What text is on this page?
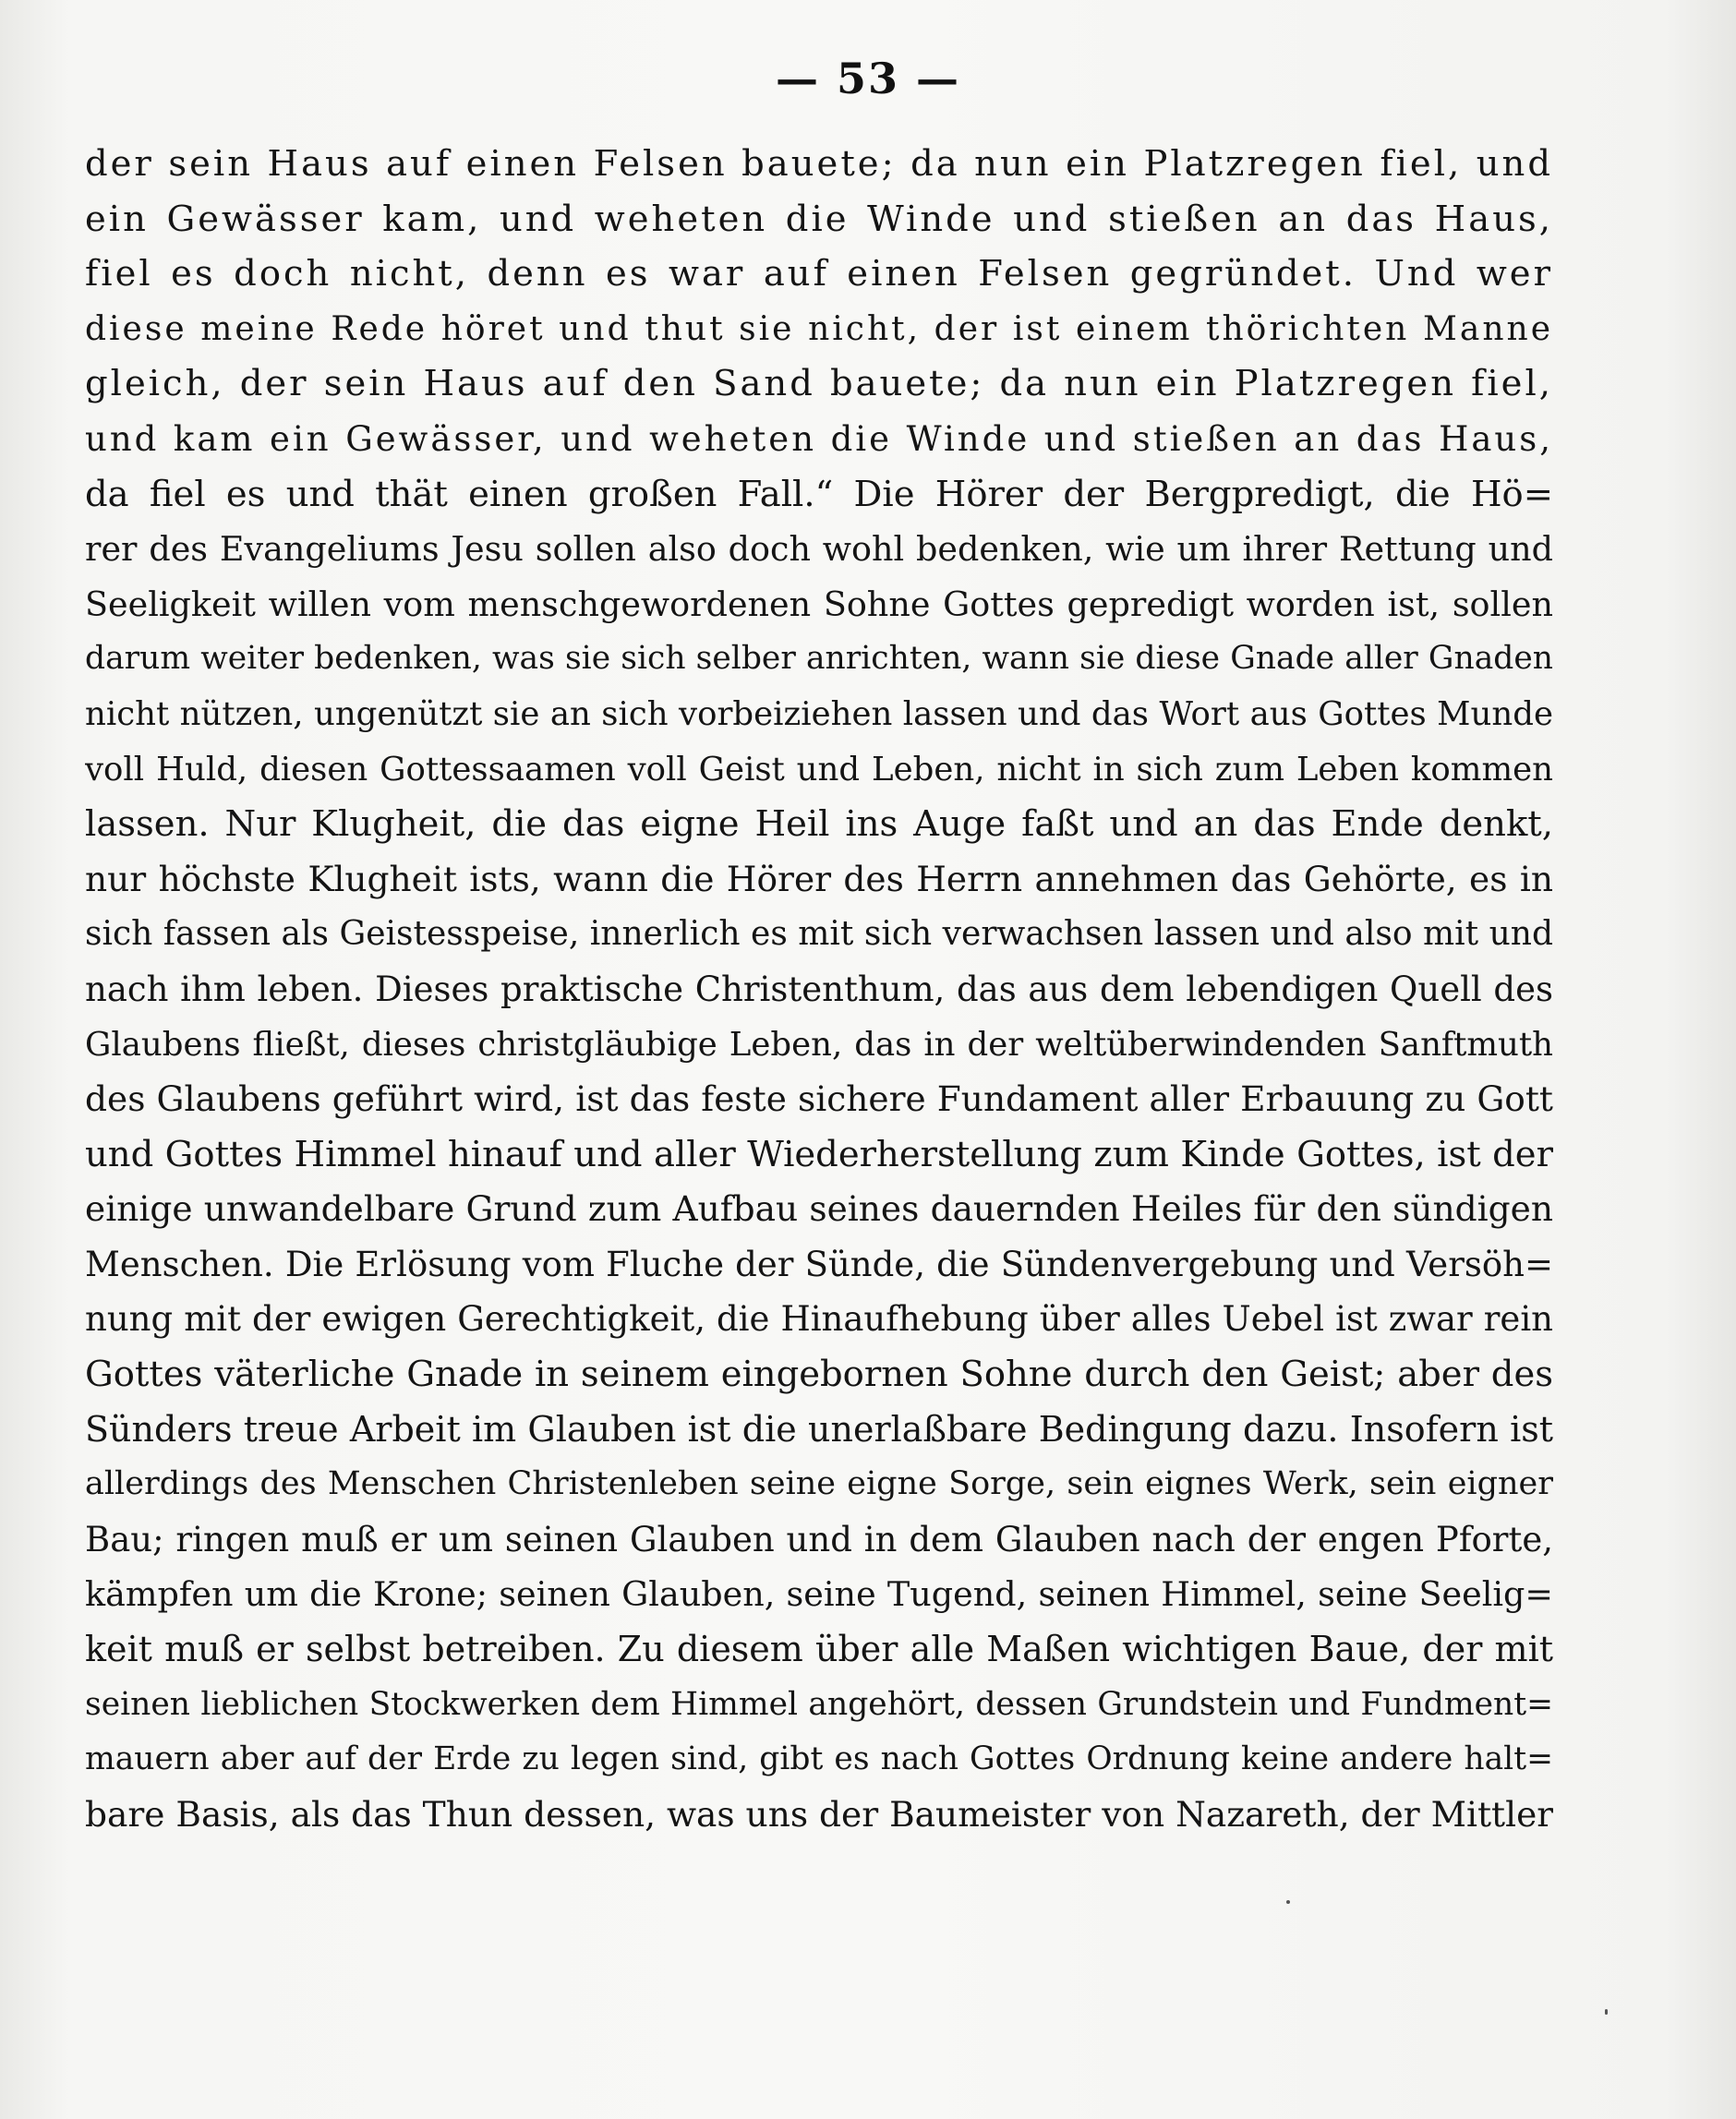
— 53 —
der sein Haus auf einen Felsen bauete; da nun ein Platzregen fiel, und
ein Gewässer kam, und weheten die Winde und stießen an das Haus,
fiel es doch nicht, denn es war auf einen Felsen gegründet. Und wer
diese meine Rede höret und thut sie nicht, der ist einem thörichten Manne
gleich, der sein Haus auf den Sand bauete; da nun ein Platzregen fiel,
und kam ein Gewässer, und weheten die Winde und stießen an das Haus,
da fiel es und thät einen großen Fall.“ Die Hörer der Bergpredigt, die Hö=
rer des Evangeliums Jesu sollen also doch wohl bedenken, wie um ihrer Rettung und
Seeligkeit willen vom menschgewordenen Sohne Gottes gepredigt worden ist, sollen
darum weiter bedenken, was sie sich selber anrichten, wann sie diese Gnade aller Gnaden
nicht nützen, ungenützt sie an sich vorbeiziehen lassen und das Wort aus Gottes Munde
voll Huld, diesen Gottessaamen voll Geist und Leben, nicht in sich zum Leben kommen
lassen. Nur Klugheit, die das eigne Heil ins Auge faßt und an das Ende denkt,
nur höchste Klugheit ists, wann die Hörer des Herrn annehmen das Gehörte, es in
sich fassen als Geistesspeise, innerlich es mit sich verwachsen lassen und also mit und
nach ihm leben. Dieses praktische Christenthum, das aus dem lebendigen Quell des
Glaubens fließt, dieses christgläubige Leben, das in der weltüberwindenden Sanftmuth
des Glaubens geführt wird, ist das feste sichere Fundament aller Erbauung zu Gott
und Gottes Himmel hinauf und aller Wiederherstellung zum Kinde Gottes, ist der
einige unwandelbare Grund zum Aufbau seines dauernden Heiles für den sündigen
Menschen. Die Erlösung vom Fluche der Sünde, die Sündenvergebung und Versöh=
nung mit der ewigen Gerechtigkeit, die Hinaufhebung über alles Uebel ist zwar rein
Gottes väterliche Gnade in seinem eingebornen Sohne durch den Geist; aber des
Sünders treue Arbeit im Glauben ist die unerlaßbare Bedingung dazu. Insofern ist
allerdings des Menschen Christenleben seine eigne Sorge, sein eignes Werk, sein eigner
Bau; ringen muß er um seinen Glauben und in dem Glauben nach der engen Pforte,
kämpfen um die Krone; seinen Glauben, seine Tugend, seinen Himmel, seine Seelig=
keit muß er selbst betreiben. Zu diesem über alle Maßen wichtigen Baue, der mit
seinen lieblichen Stockwerken dem Himmel angehört, dessen Grundstein und Fundment=
mauern aber auf der Erde zu legen sind, gibt es nach Gottes Ordnung keine andere halt=
bare Basis, als das Thun dessen, was uns der Baumeister von Nazareth, der Mittler
